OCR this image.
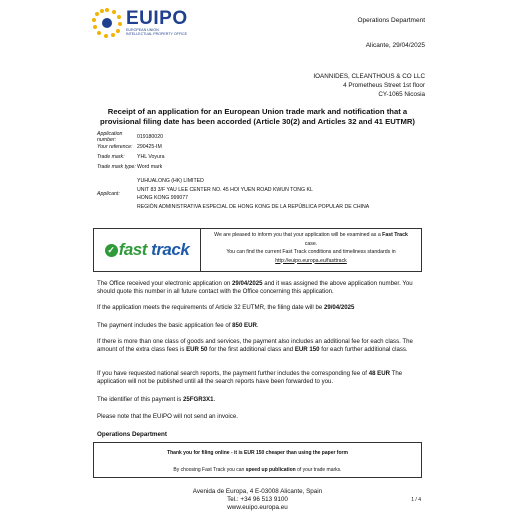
EUIPO
EUROPEAN UNION
INTELLECTUAL PROPERTY OFFICE
Operations Department
Alicante, 29/04/2025
IOANNIDES, CLEANTHOUS & CO LLC
4 Prometheus Street 1st floor
CY-1065 Nicosia
Receipt of an application for an European Union trade mark and notification that a provisional filing date has been accorded (Article 30(2) and Articles 32 and 41 EUTMR)
Application number:	019180020
Your reference: 290425-IM
Trade mark:	YHL Voyura
Trade mark type: Word mark
Applicant:
YUHUALONG (HK) LIMITED
UNIT 83 3/F YAU LEE CENTER NO. 45 HOI YUEN ROAD KWUN TONG KL
HONG KONG 999077
REGIÓN ADMINISTRATIVA ESPECIAL DE HONG KONG DE LA REPÚBLICA POPULAR DE CHINA
✓ fast track
We are pleased to inform you that your application will be examined as a Fast Track
case.
You can find the current Fast Track conditions and timeliness standards in
http://euipo.europa.eu/fasttrack
The Office received your electronic application on 29/04/2025 and it was assigned the above application number. You should quote this number in all future contact with the Office concerning this application.
If the application meets the requirements of Article 32 EUTMR, the filing date will be 29/04/2025
The payment includes the basic application fee of 850 EUR.
If there is more than one class of goods and services, the payment also includes an additional fee for each class. The amount of the extra class fees is EUR 50 for the first additional class and EUR 150 for each further additional class.
If you have requested national search reports, the payment further includes the corresponding fee of 48 EUR The application will not be published until all the search reports have been forwarded to you.
The identifier of this payment is 25FGR3X1.
Please note that the EUIPO will not send an invoice.
Operations Department
Thank you for filing online - it is EUR 150 cheaper than using the paper form
By choosing Fast Track you can speed up publication of your trade marks.
Avenida de Europa, 4 E-03008 Alicante, Spain
Tel.: +34 96 513 9100
www.euipo.europa.eu
1 / 4
